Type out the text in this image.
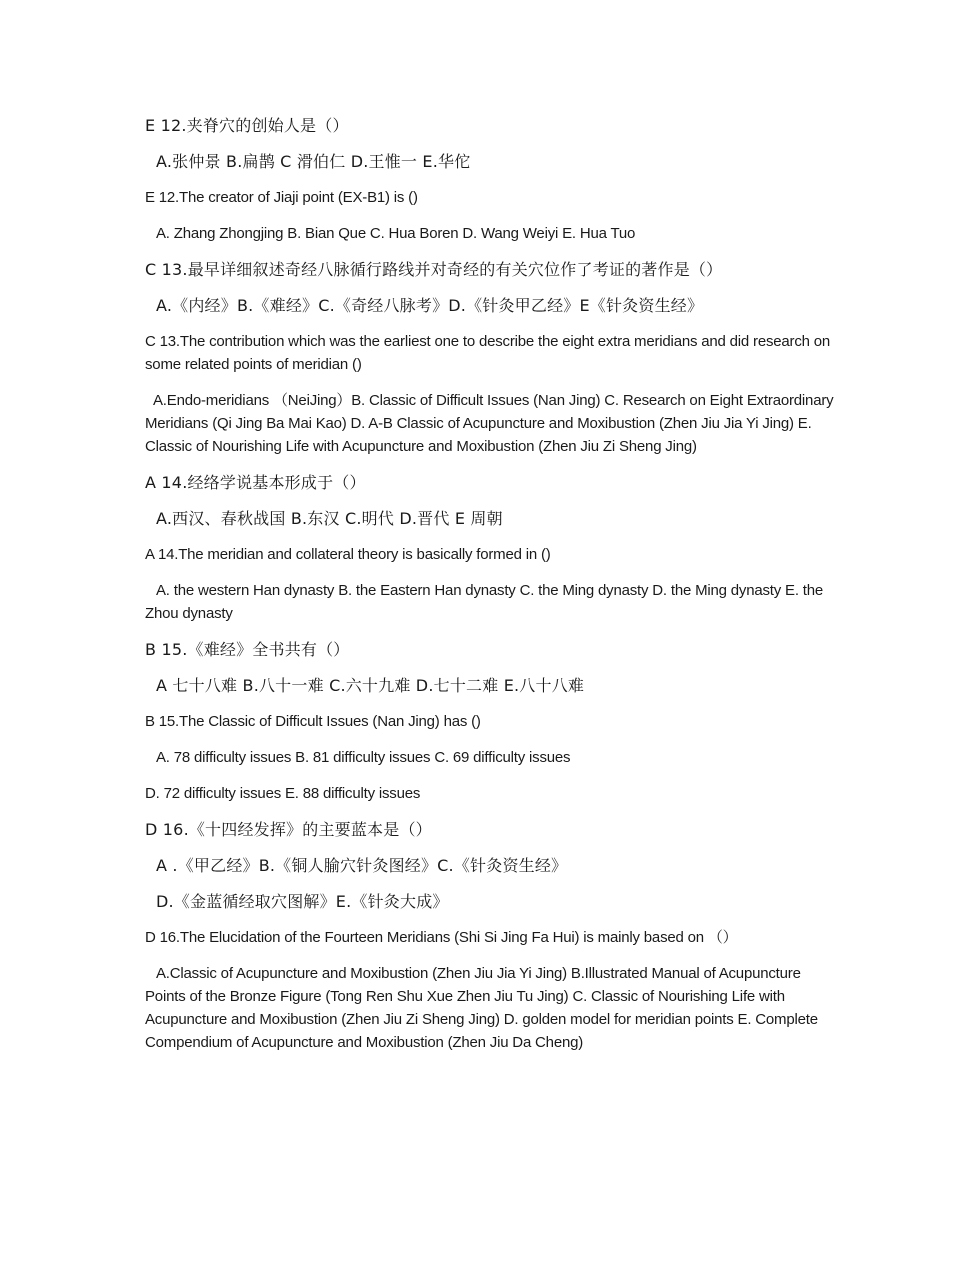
E 12.夹脊穴的创始人是（）

A.张仲景 B.扁鹊 C 滑伯仁 D.王惟一 E.华佗

E 12.The creator of Jiaji point (EX-B1) is ()

A. Zhang Zhongjing B. Bian Que C. Hua Boren D. Wang Weiyi E. Hua Tuo

C 13.最早详细叙述奇经八脉循行路线并对奇经的有关穴位作了考证的著作是（）

A.《内经》B.《难经》C.《奇经八脉考》D.《针灸甲乙经》E《针灸资生经》

C 13.The contribution which was the earliest one to describe the eight extra meridians and did research on some related points of meridian ()

A.Endo-meridians （NeiJing）B. Classic of Difficult Issues (Nan Jing) C. Research on Eight Extraordinary Meridians (Qi Jing Ba Mai Kao) D. A-B Classic of Acupuncture and Moxibustion (Zhen Jiu Jia Yi Jing) E. Classic of Nourishing Life with Acupuncture and Moxibustion (Zhen Jiu Zi Sheng Jing)

A 14.经络学说基本形成于（）

A.西汉、春秋战国 B.东汉 C.明代 D.晋代 E 周朝

A 14.The meridian and collateral theory is basically formed in ()

A. the western Han dynasty B. the Eastern Han dynasty C. the Ming dynasty D. the Ming dynasty E. the Zhou dynasty

B 15.《难经》全书共有（）

A 七十八难 B.八十一难 C.六十九难 D.七十二难 E.八十八难

B 15.The Classic of Difficult Issues (Nan Jing) has ()

A. 78 difficulty issues B. 81 difficulty issues C. 69 difficulty issues

D. 72 difficulty issues E. 88 difficulty issues

D 16.《十四经发挥》的主要蓝本是（）

A .《甲乙经》B.《铜人腧穴针灸图经》C.《针灸资生经》

D.《金蓝循经取穴图解》E.《针灸大成》

D 16.The Elucidation of the Fourteen Meridians (Shi Si Jing Fa Hui) is mainly based on （）

A.Classic of Acupuncture and Moxibustion (Zhen Jiu Jia Yi Jing) B.Illustrated Manual of Acupuncture Points of the Bronze Figure (Tong Ren Shu Xue Zhen Jiu Tu Jing) C. Classic of Nourishing Life with Acupuncture and Moxibustion (Zhen Jiu Zi Sheng Jing) D. golden model for meridian points E. Complete Compendium of Acupuncture and Moxibustion (Zhen Jiu Da Cheng)
